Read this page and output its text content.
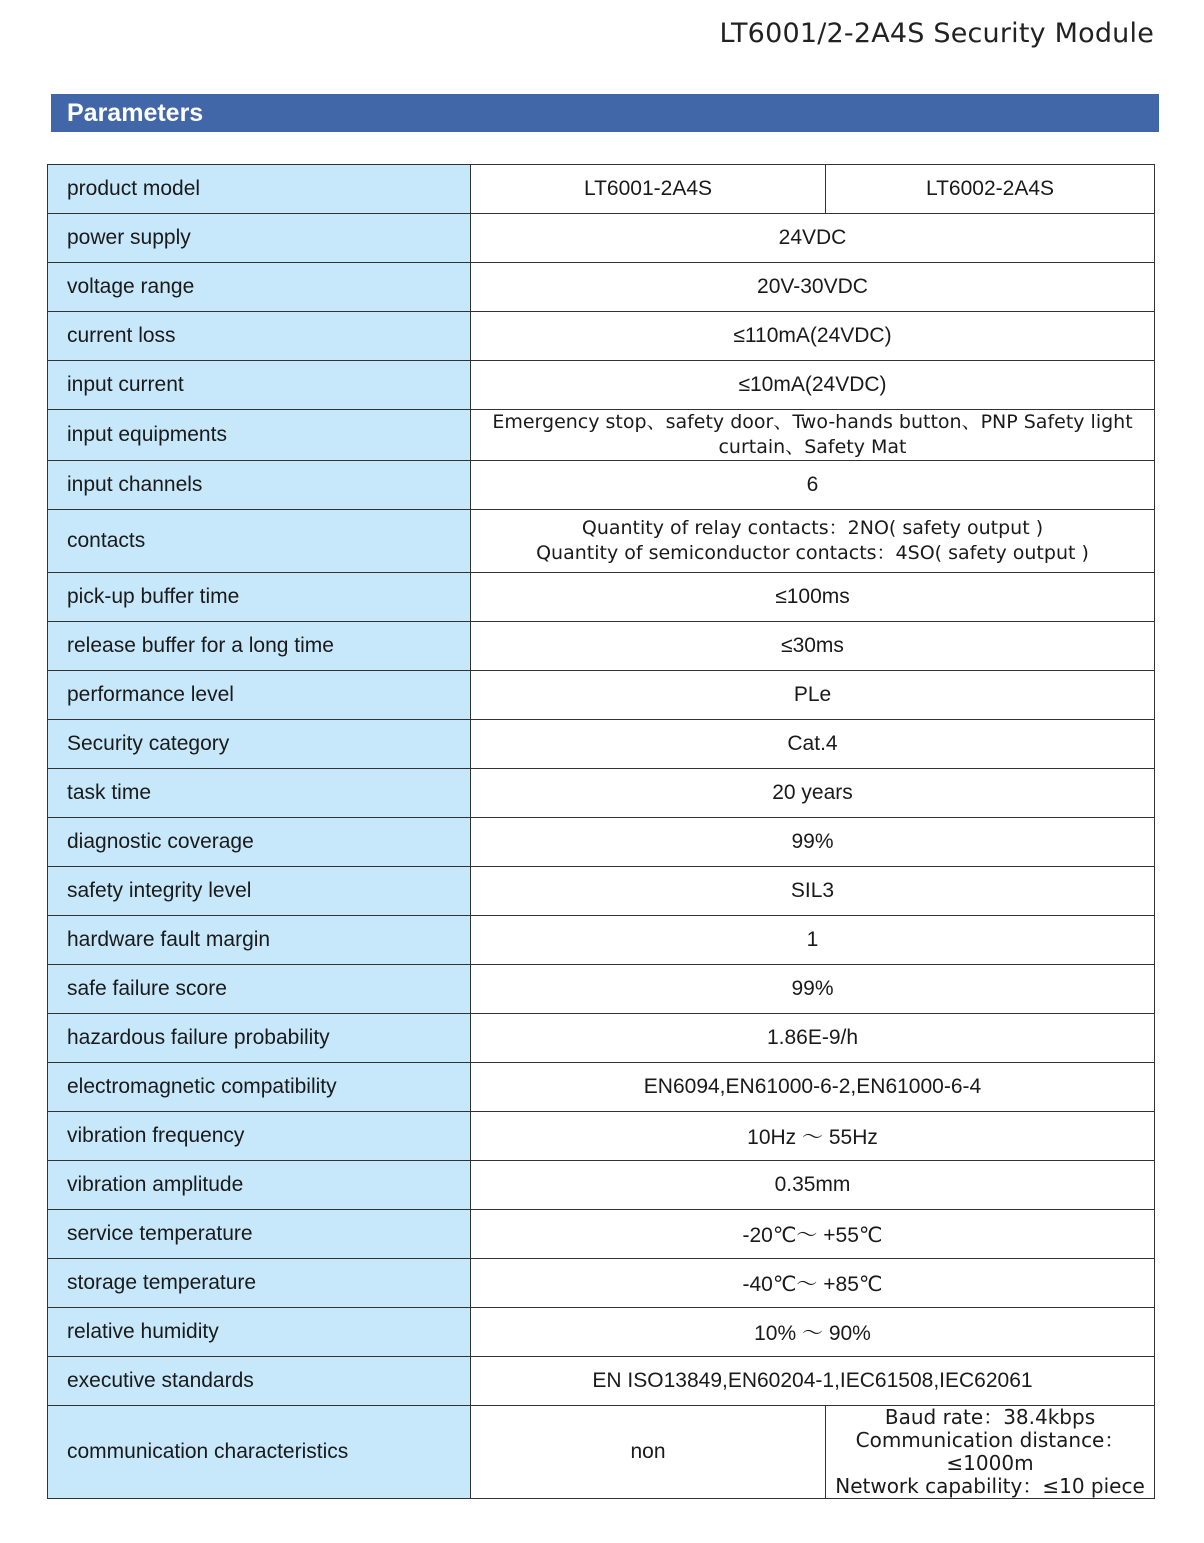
LT6001/2-2A4S Security Module
Parameters
product model	LT6001-2A4S	LT6002-2A4S
power supply	24VDC	
voltage range	20V-30VDC	
current loss	≤110mA(24VDC)	
input current	≤10mA(24VDC)	
input equipments	Emergency stop、safety door、Two-hands button、PNP Safety light
curtain、Safety Mat	

input channels	6	
contacts	Quantity of relay contacts：2NO( safety output )
Quantity of semiconductor contacts：4SO( safety output )	

pick-up buffer time	≤100ms	
release buffer for a long time	≤30ms	
performance level	PLe	
Security category	Cat.4	
task time	20 years	
diagnostic coverage	99%	
safety integrity level	SIL3	
hardware fault margin	1	
safe failure score	99%	
hazardous failure probability	1.86E-9/h	
electromagnetic compatibility	EN6094,EN61000-6-2,EN61000-6-4	
vibration frequency	10Hz ～ 55Hz	
vibration amplitude	0.35mm	
service temperature	-20℃～ +55℃	
storage temperature	-40℃～ +85℃	
relative humidity	10% ～ 90%	
executive standards	EN ISO13849,EN60204-1,IEC61508,IEC62061	
communication characteristics	non	Baud rate：38.4kbps
Communication distance：≤1000m
Network capability：≤10 piece
